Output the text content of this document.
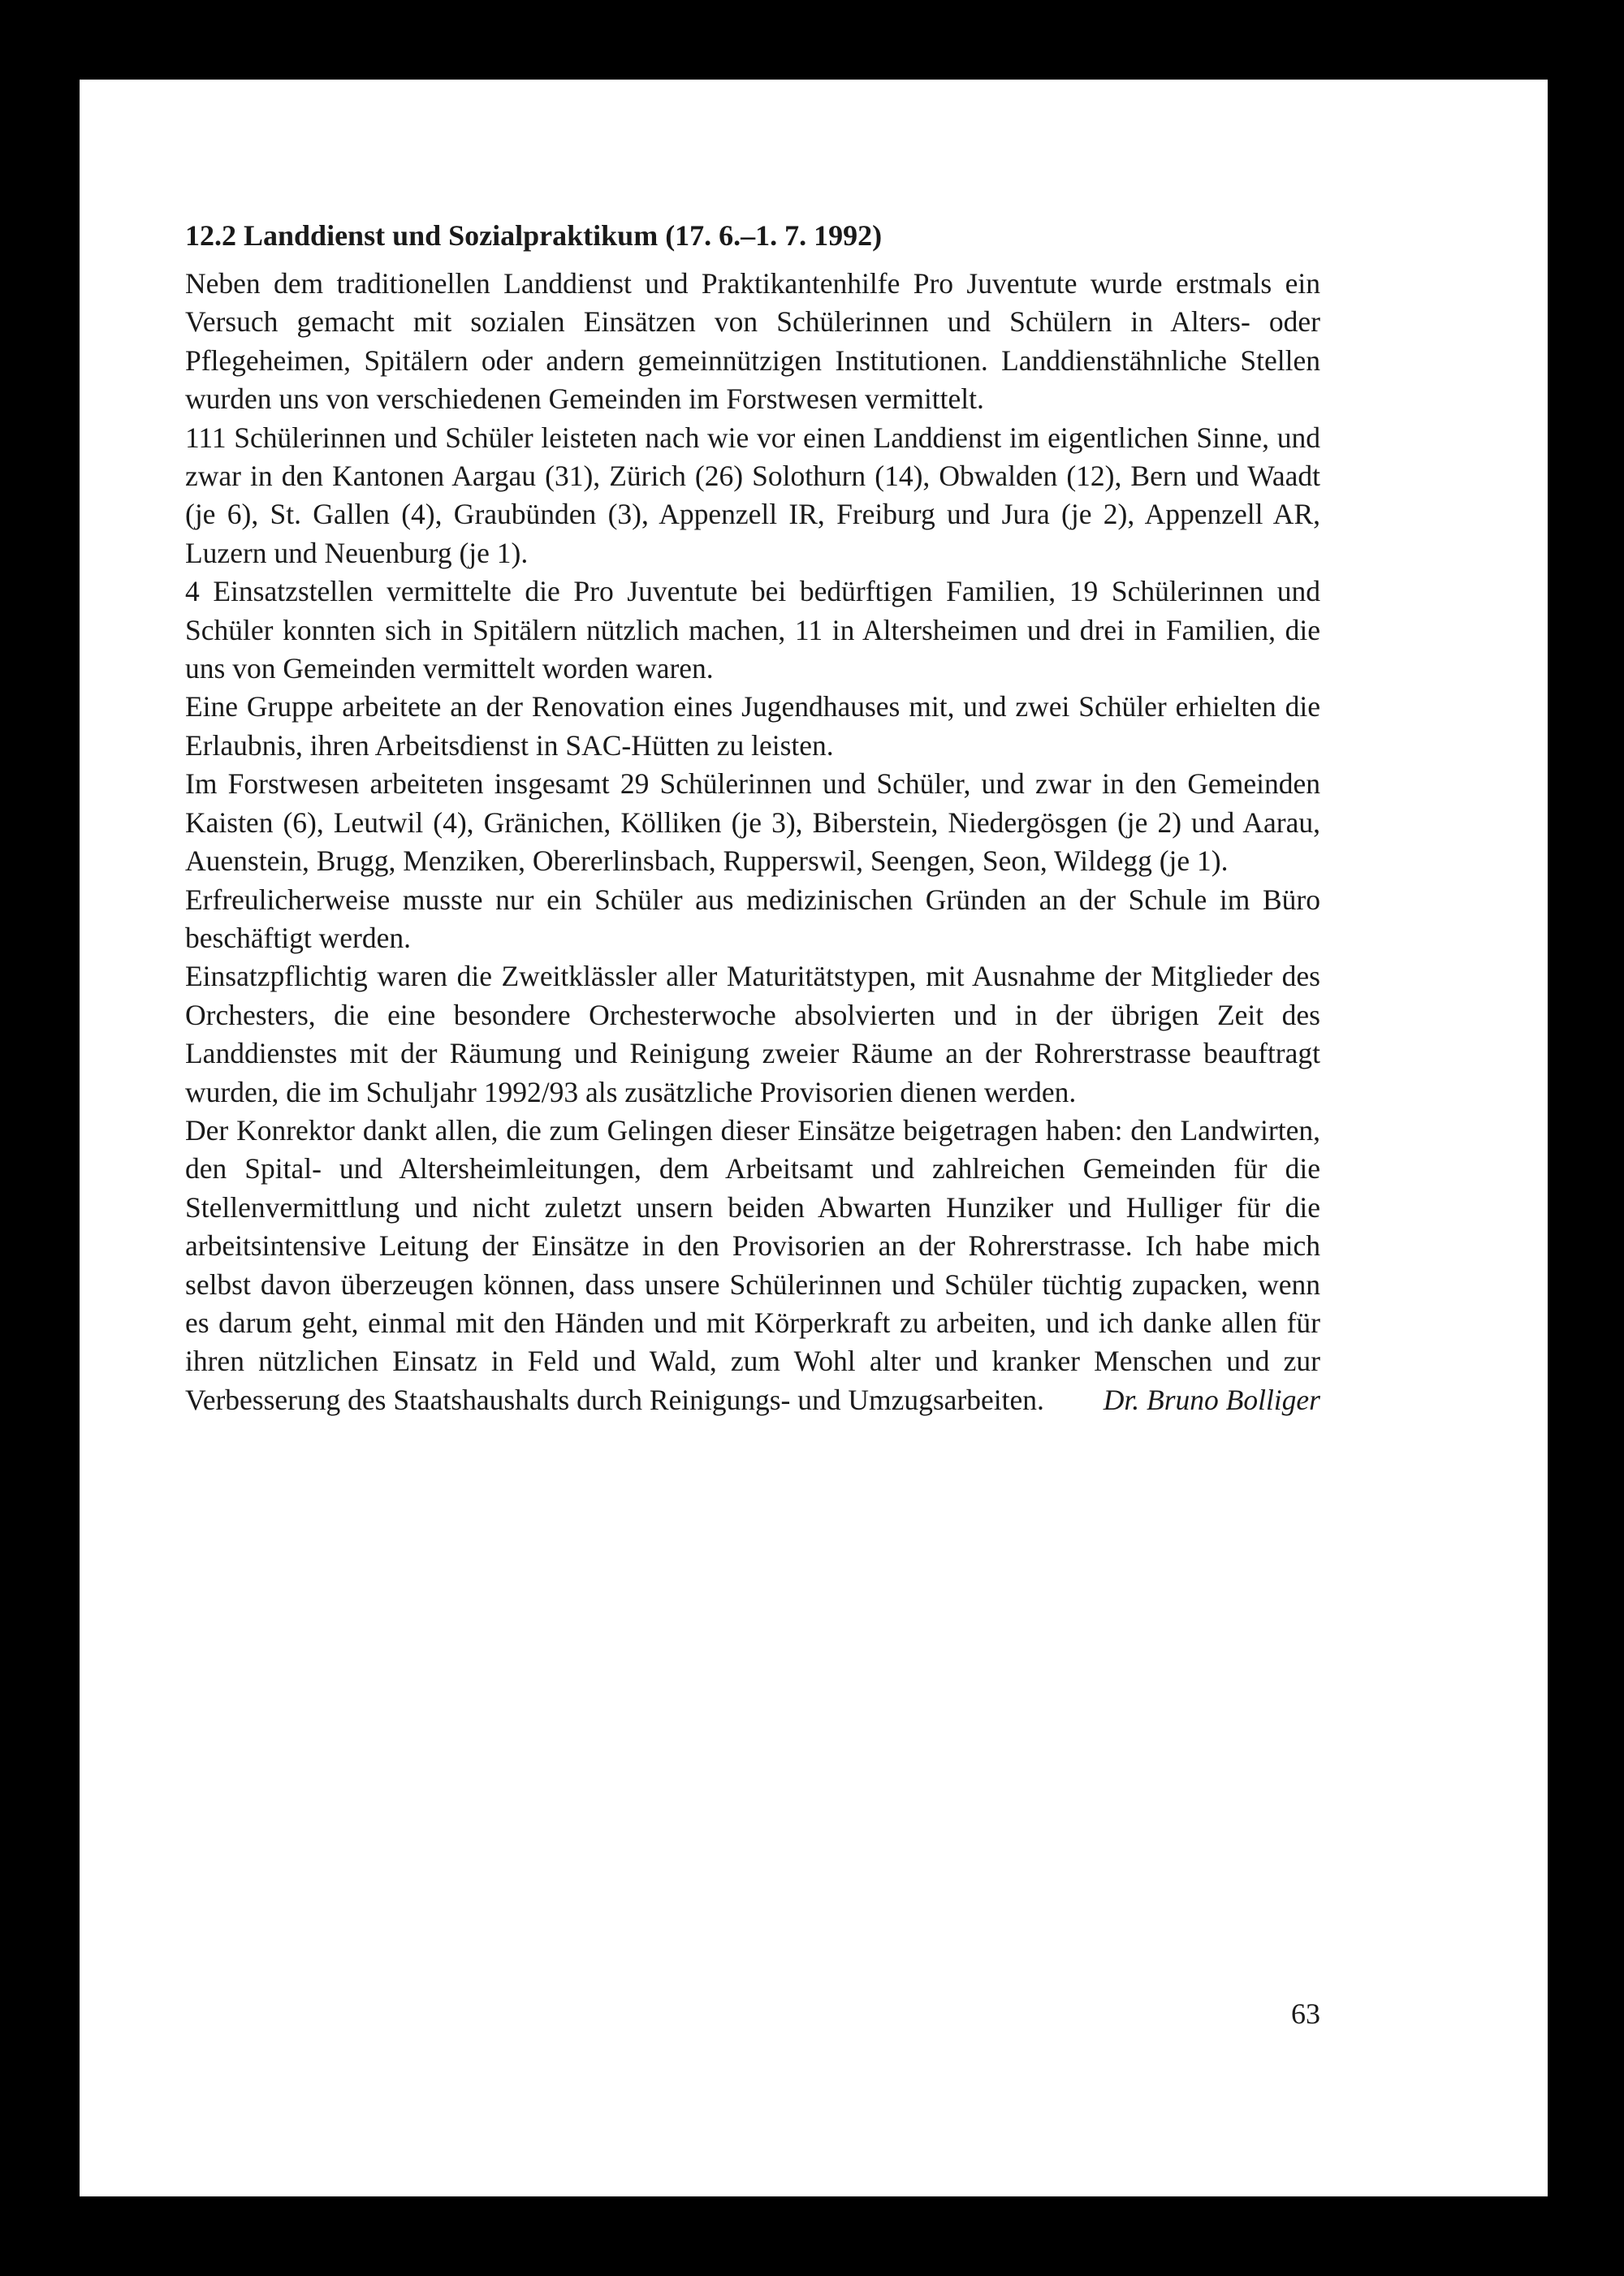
12.2 Landdienst und Sozialpraktikum (17. 6.–1. 7. 1992)

Neben dem traditionellen Landdienst und Praktikantenhilfe Pro Juventute wurde erstmals ein Versuch gemacht mit sozialen Einsätzen von Schülerinnen und Schülern in Alters- oder Pflegeheimen, Spitälern oder andern gemeinnützigen Institutionen. Landdienstähnliche Stellen wurden uns von verschiedenen Gemeinden im Forstwesen vermittelt.

111 Schülerinnen und Schüler leisteten nach wie vor einen Landdienst im eigentlichen Sinne, und zwar in den Kantonen Aargau (31), Zürich (26) Solothurn (14), Obwalden (12), Bern und Waadt (je 6), St. Gallen (4), Graubünden (3), Appenzell IR, Freiburg und Jura (je 2), Appenzell AR, Luzern und Neuenburg (je 1).

4 Einsatzstellen vermittelte die Pro Juventute bei bedürftigen Familien, 19 Schülerinnen und Schüler konnten sich in Spitälern nützlich machen, 11 in Altersheimen und drei in Familien, die uns von Gemeinden vermittelt worden waren.

Eine Gruppe arbeitete an der Renovation eines Jugendhauses mit, und zwei Schüler erhielten die Erlaubnis, ihren Arbeitsdienst in SAC-Hütten zu leisten.

Im Forstwesen arbeiteten insgesamt 29 Schülerinnen und Schüler, und zwar in den Gemeinden Kaisten (6), Leutwil (4), Gränichen, Kölliken (je 3), Biberstein, Niedergösgen (je 2) und Aarau, Auenstein, Brugg, Menziken, Obererlinsbach, Rupperswil, Seengen, Seon, Wildegg (je 1).

Erfreulicherweise musste nur ein Schüler aus medizinischen Gründen an der Schule im Büro beschäftigt werden.

Einsatzpflichtig waren die Zweitklässler aller Maturitätstypen, mit Ausnahme der Mitglieder des Orchesters, die eine besondere Orchesterwoche absolvierten und in der übrigen Zeit des Landdienstes mit der Räumung und Reinigung zweier Räume an der Rohrerstrasse beauftragt wurden, die im Schuljahr 1992/93 als zusätzliche Provisorien dienen werden.

Der Konrektor dankt allen, die zum Gelingen dieser Einsätze beigetragen haben: den Landwirten, den Spital- und Altersheimleitungen, dem Arbeitsamt und zahlreichen Gemeinden für die Stellenvermittlung und nicht zuletzt unsern beiden Abwarten Hunziker und Hulliger für die arbeitsintensive Leitung der Einsätze in den Provisorien an der Rohrerstrasse. Ich habe mich selbst davon überzeugen können, dass unsere Schülerinnen und Schüler tüchtig zupacken, wenn es darum geht, einmal mit den Händen und mit Körperkraft zu arbeiten, und ich danke allen für ihren nützlichen Einsatz in Feld und Wald, zum Wohl alter und kranker Menschen und zur Verbesserung des Staatshaushalts durch Reinigungs- und Umzugsarbeiten. Dr. Bruno Bolliger

63
